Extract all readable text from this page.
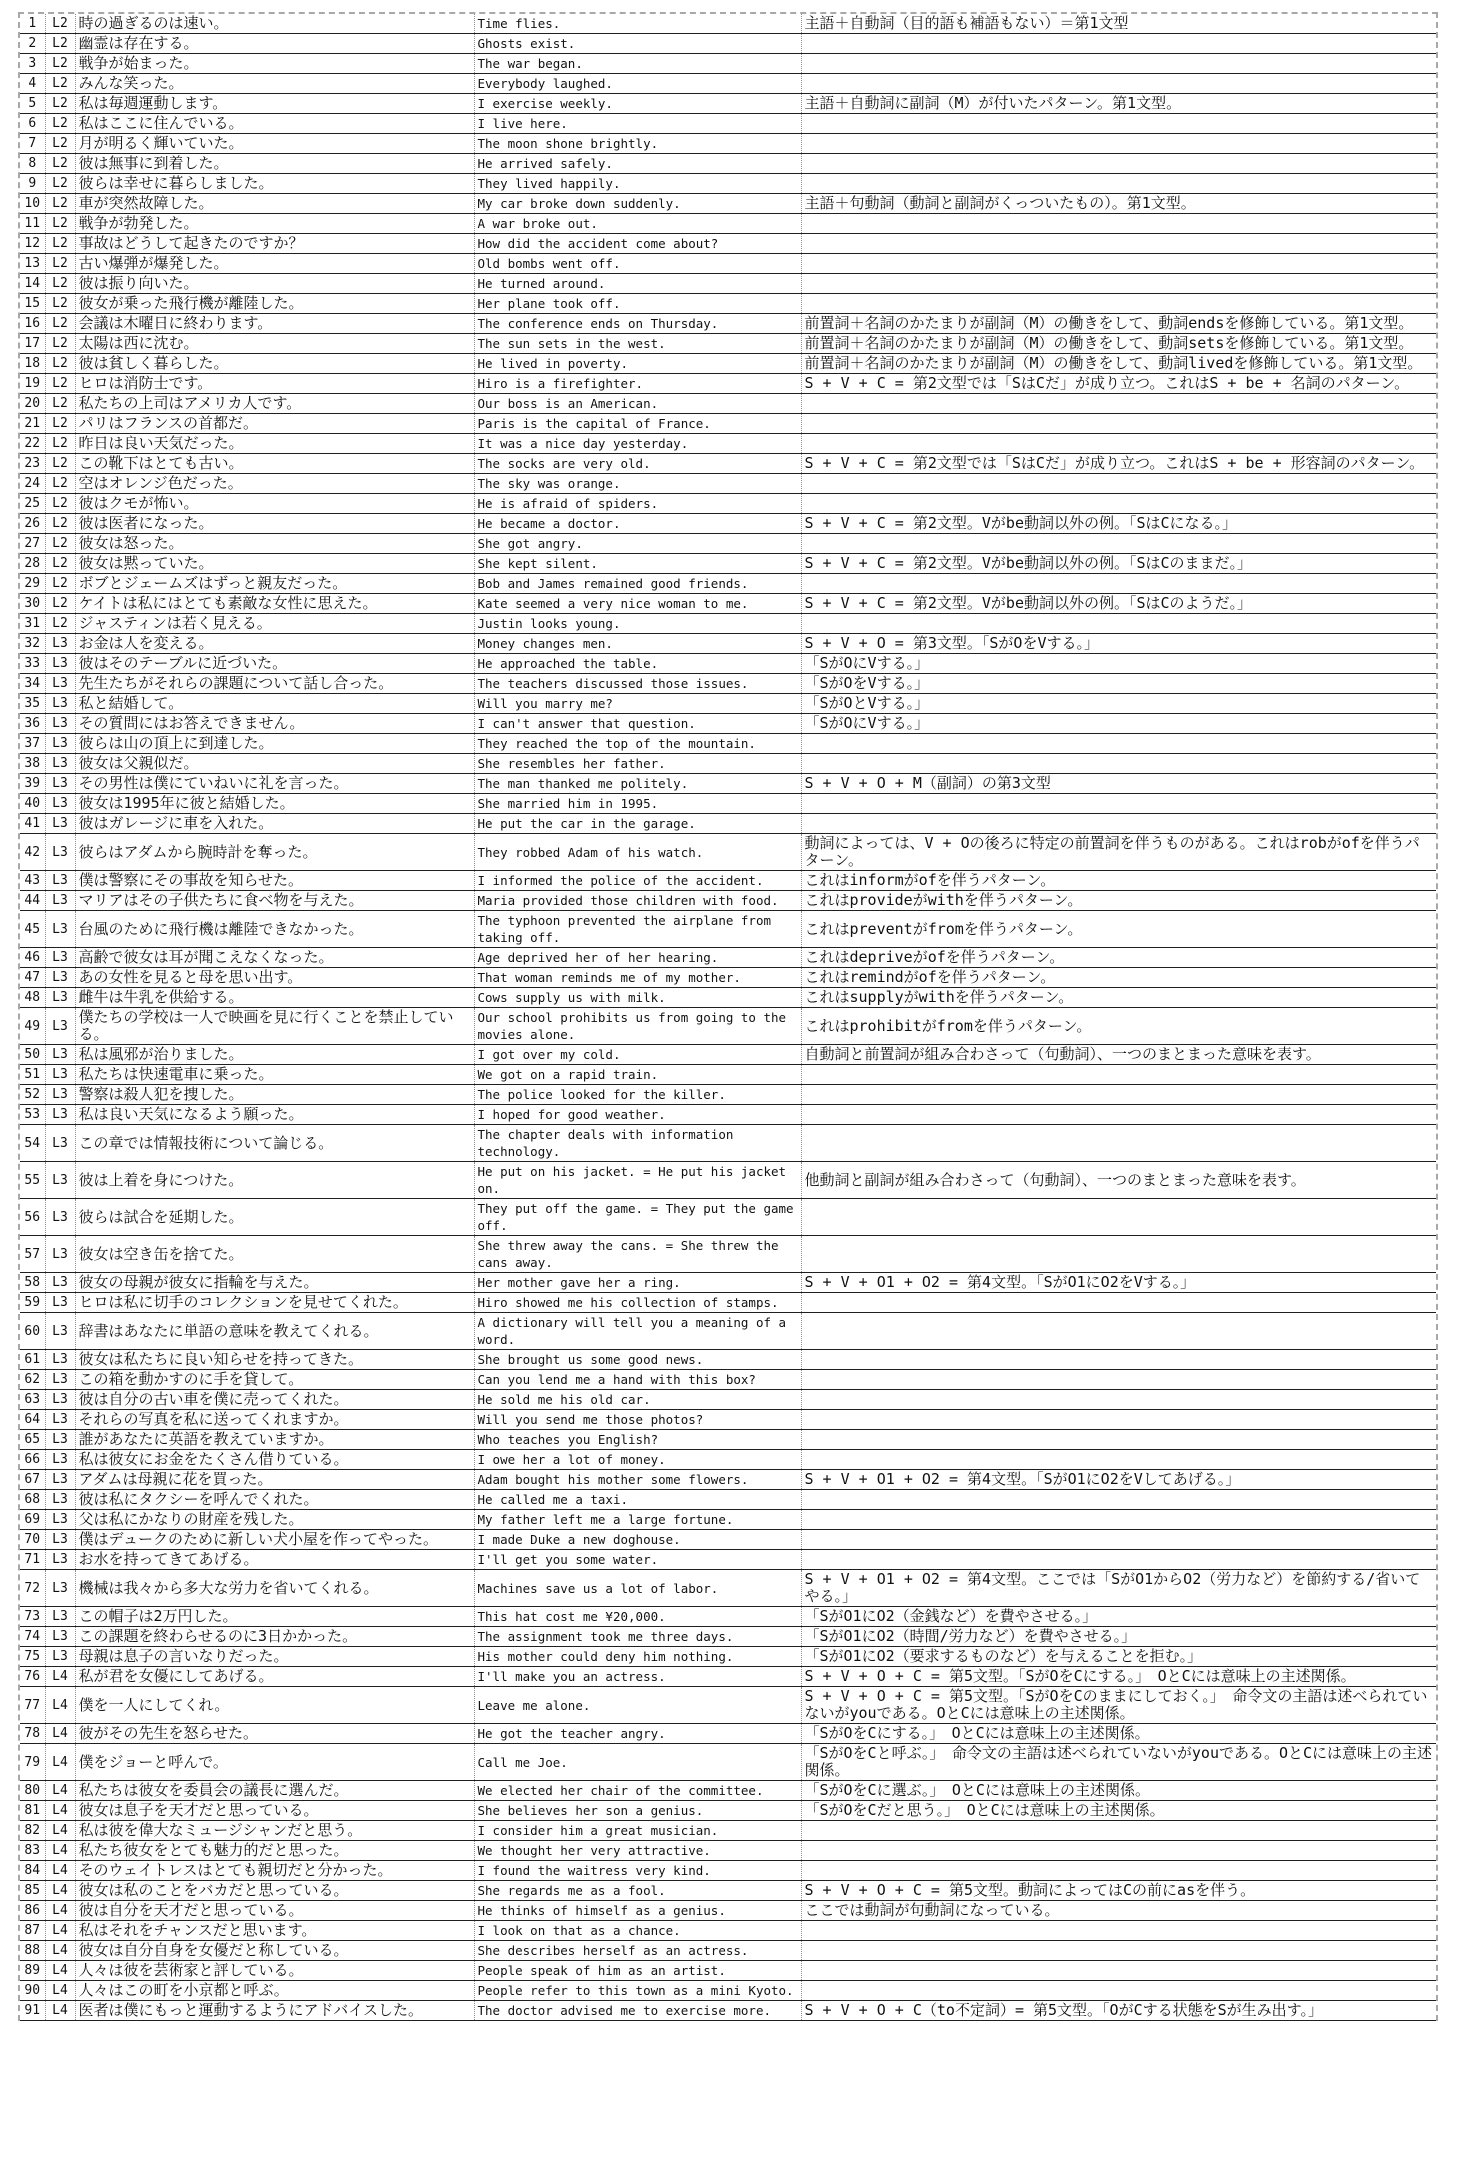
1	L2	時の過ぎるのは速い。	Time flies.	主語＋自動詞（目的語も補語もない）＝第1文型
2	L2	幽霊は存在する。	Ghosts exist.	
3	L2	戦争が始まった。	The war began.	
4	L2	みんな笑った。	Everybody laughed.	
5	L2	私は毎週運動します。	I exercise weekly.	主語＋自動詞に副詞（M）が付いたパターン。第1文型。
6	L2	私はここに住んでいる。	I live here.	
7	L2	月が明るく輝いていた。	The moon shone brightly.	
8	L2	彼は無事に到着した。	He arrived safely.	
9	L2	彼らは幸せに暮らしました。	They lived happily.	
10	L2	車が突然故障した。	My car broke down suddenly.	主語＋句動詞（動詞と副詞がくっついたもの）。第1文型。
11	L2	戦争が勃発した。	A war broke out.	
12	L2	事故はどうして起きたのですか？	How did the accident come about?	
13	L2	古い爆弾が爆発した。	Old bombs went off.	
14	L2	彼は振り向いた。	He turned around.	
15	L2	彼女が乗った飛行機が離陸した。	Her plane took off.	
16	L2	会議は木曜日に終わります。	The conference ends on Thursday.	前置詞＋名詞のかたまりが副詞（M）の働きをして、動詞endsを修飾している。第1文型。
17	L2	太陽は西に沈む。	The sun sets in the west.	前置詞＋名詞のかたまりが副詞（M）の働きをして、動詞setsを修飾している。第1文型。
18	L2	彼は貧しく暮らした。	He lived in poverty.	前置詞＋名詞のかたまりが副詞（M）の働きをして、動詞livedを修飾している。第1文型。
19	L2	ヒロは消防士です。	Hiro is a firefighter.	S + V + C = 第2文型では「SはCだ」が成り立つ。これはS + be + 名詞のパターン。
20	L2	私たちの上司はアメリカ人です。	Our boss is an American.	
21	L2	パリはフランスの首都だ。	Paris is the capital of France.	
22	L2	昨日は良い天気だった。	It was a nice day yesterday.	
23	L2	この靴下はとても古い。	The socks are very old.	S + V + C = 第2文型では「SはCだ」が成り立つ。これはS + be + 形容詞のパターン。
24	L2	空はオレンジ色だった。	The sky was orange.	
25	L2	彼はクモが怖い。	He is afraid of spiders.	
26	L2	彼は医者になった。	He became a doctor.	S + V + C = 第2文型。Vがbe動詞以外の例。「SはCになる。」
27	L2	彼女は怒った。	She got angry.	
28	L2	彼女は黙っていた。	She kept silent.	S + V + C = 第2文型。Vがbe動詞以外の例。「SはCのままだ。」
29	L2	ボブとジェームズはずっと親友だった。	Bob and James remained good friends.	
30	L2	ケイトは私にはとても素敵な女性に思えた。	Kate seemed a very nice woman to me.	S + V + C = 第2文型。Vがbe動詞以外の例。「SはCのようだ。」
31	L2	ジャスティンは若く見える。	Justin looks young.	
32	L3	お金は人を変える。	Money changes men.	S + V + O = 第3文型。「SがOをVする。」
33	L3	彼はそのテーブルに近づいた。	He approached the table.	「SがOにVする。」
34	L3	先生たちがそれらの課題について話し合った。	The teachers discussed those issues.	「SがOをVする。」
35	L3	私と結婚して。	Will you marry me?	「SがOとVする。」
36	L3	その質問にはお答えできません。	I can't answer that question.	「SがOにVする。」
37	L3	彼らは山の頂上に到達した。	They reached the top of the mountain.	
38	L3	彼女は父親似だ。	She resembles her father.	
39	L3	その男性は僕にていねいに礼を言った。	The man thanked me politely.	S + V + O + M（副詞）の第3文型
40	L3	彼女は1995年に彼と結婚した。	She married him in 1995.	
41	L3	彼はガレージに車を入れた。	He put the car in the garage.	
42	L3	彼らはアダムから腕時計を奪った。	They robbed Adam of his watch.	動詞によっては、V + Oの後ろに特定の前置詞を伴うものがある。これはrobがofを伴うパターン。
43	L3	僕は警察にその事故を知らせた。	I informed the police of the accident.	これはinformがofを伴うパターン。
44	L3	マリアはその子供たちに食べ物を与えた。	Maria provided those children with food.	これはprovideがwithを伴うパターン。
45	L3	台風のために飛行機は離陸できなかった。	The typhoon prevented the airplane from taking off.	これはpreventがfromを伴うパターン。
46	L3	高齢で彼女は耳が聞こえなくなった。	Age deprived her of her hearing.	これはdepriveがofを伴うパターン。
47	L3	あの女性を見ると母を思い出す。	That woman reminds me of my mother.	これはremindがofを伴うパターン。
48	L3	雌牛は牛乳を供給する。	Cows supply us with milk.	これはsupplyがwithを伴うパターン。
49	L3	僕たちの学校は一人で映画を見に行くことを禁止している。	Our school prohibits us from going to the movies alone.	これはprohibitがfromを伴うパターン。
50	L3	私は風邪が治りました。	I got over my cold.	自動詞と前置詞が組み合わさって（句動詞）、一つのまとまった意味を表す。
51	L3	私たちは快速電車に乗った。	We got on a rapid train.	
52	L3	警察は殺人犯を捜した。	The police looked for the killer.	
53	L3	私は良い天気になるよう願った。	I hoped for good weather.	
54	L3	この章では情報技術について論じる。	The chapter deals with information technology.	
55	L3	彼は上着を身につけた。	He put on his jacket. = He put his jacket on.	他動詞と副詞が組み合わさって（句動詞）、一つのまとまった意味を表す。
56	L3	彼らは試合を延期した。	They put off the game. = They put the game off.	
57	L3	彼女は空き缶を捨てた。	She threw away the cans. = She threw the cans away.	
58	L3	彼女の母親が彼女に指輪を与えた。	Her mother gave her a ring.	S + V + O1 + O2 = 第4文型。「SがO1にO2をVする。」
59	L3	ヒロは私に切手のコレクションを見せてくれた。	Hiro showed me his collection of stamps.	
60	L3	辞書はあなたに単語の意味を教えてくれる。	A dictionary will tell you a meaning of a word.	
61	L3	彼女は私たちに良い知らせを持ってきた。	She brought us some good news.	
62	L3	この箱を動かすのに手を貸して。	Can you lend me a hand with this box?	
63	L3	彼は自分の古い車を僕に売ってくれた。	He sold me his old car.	
64	L3	それらの写真を私に送ってくれますか。	Will you send me those photos?	
65	L3	誰があなたに英語を教えていますか。	Who teaches you English?	
66	L3	私は彼女にお金をたくさん借りている。	I owe her a lot of money.	
67	L3	アダムは母親に花を買った。	Adam bought his mother some flowers.	S + V + O1 + O2 = 第4文型。「SがO1にO2をVしてあげる。」
68	L3	彼は私にタクシーを呼んでくれた。	He called me a taxi.	
69	L3	父は私にかなりの財産を残した。	My father left me a large fortune.	
70	L3	僕はデュークのために新しい犬小屋を作ってやった。	I made Duke a new doghouse.	
71	L3	お水を持ってきてあげる。	I'll get you some water.	
72	L3	機械は我々から多大な労力を省いてくれる。	Machines save us a lot of labor.	S + V + O1 + O2 = 第4文型。ここでは「SがO1からO2（労力など）を節約する/省いてやる。」
73	L3	この帽子は2万円した。	This hat cost me ¥20,000.	「SがO1にO2（金銭など）を費やさせる。」
74	L3	この課題を終わらせるのに3日かかった。	The assignment took me three days.	「SがO1にO2（時間/労力など）を費やさせる。」
75	L3	母親は息子の言いなりだった。	His mother could deny him nothing.	「SがO1にO2（要求するものなど）を与えることを拒む。」
76	L4	私が君を女優にしてあげる。	I'll make you an actress.	S + V + O + C = 第5文型。「SがOをCにする。」　OとCには意味上の主述関係。
77	L4	僕を一人にしてくれ。	Leave me alone.	S + V + O + C = 第5文型。「SがOをCのままにしておく。」　命令文の主語は述べられていないがyouである。OとCには意味上の主述関係。
78	L4	彼がその先生を怒らせた。	He got the teacher angry.	「SがOをCにする。」　OとCには意味上の主述関係。
79	L4	僕をジョーと呼んで。	Call me Joe.	「SがOをCと呼ぶ。」　命令文の主語は述べられていないがyouである。OとCには意味上の主述関係。
80	L4	私たちは彼女を委員会の議長に選んだ。	We elected her chair of the committee.	「SがOをCに選ぶ。」　OとCには意味上の主述関係。
81	L4	彼女は息子を天才だと思っている。	She believes her son a genius.	「SがOをCだと思う。」　OとCには意味上の主述関係。
82	L4	私は彼を偉大なミュージシャンだと思う。	I consider him a great musician.	
83	L4	私たち彼女をとても魅力的だと思った。	We thought her very attractive.	
84	L4	そのウェイトレスはとても親切だと分かった。	I found the waitress very kind.	
85	L4	彼女は私のことをバカだと思っている。	She regards me as a fool.	S + V + O + C = 第5文型。動詞によってはCの前にasを伴う。
86	L4	彼は自分を天才だと思っている。	He thinks of himself as a genius.	ここでは動詞が句動詞になっている。
87	L4	私はそれをチャンスだと思います。	I look on that as a chance.	
88	L4	彼女は自分自身を女優だと称している。	She describes herself as an actress.	
89	L4	人々は彼を芸術家と評している。	People speak of him as an artist.	
90	L4	人々はこの町を小京都と呼ぶ。	People refer to this town as a mini Kyoto.	
91	L4	医者は僕にもっと運動するようにアドバイスした。	The doctor advised me to exercise more.	S + V + O + C（to不定詞）= 第5文型。「OがCする状態をSが生み出す。」
